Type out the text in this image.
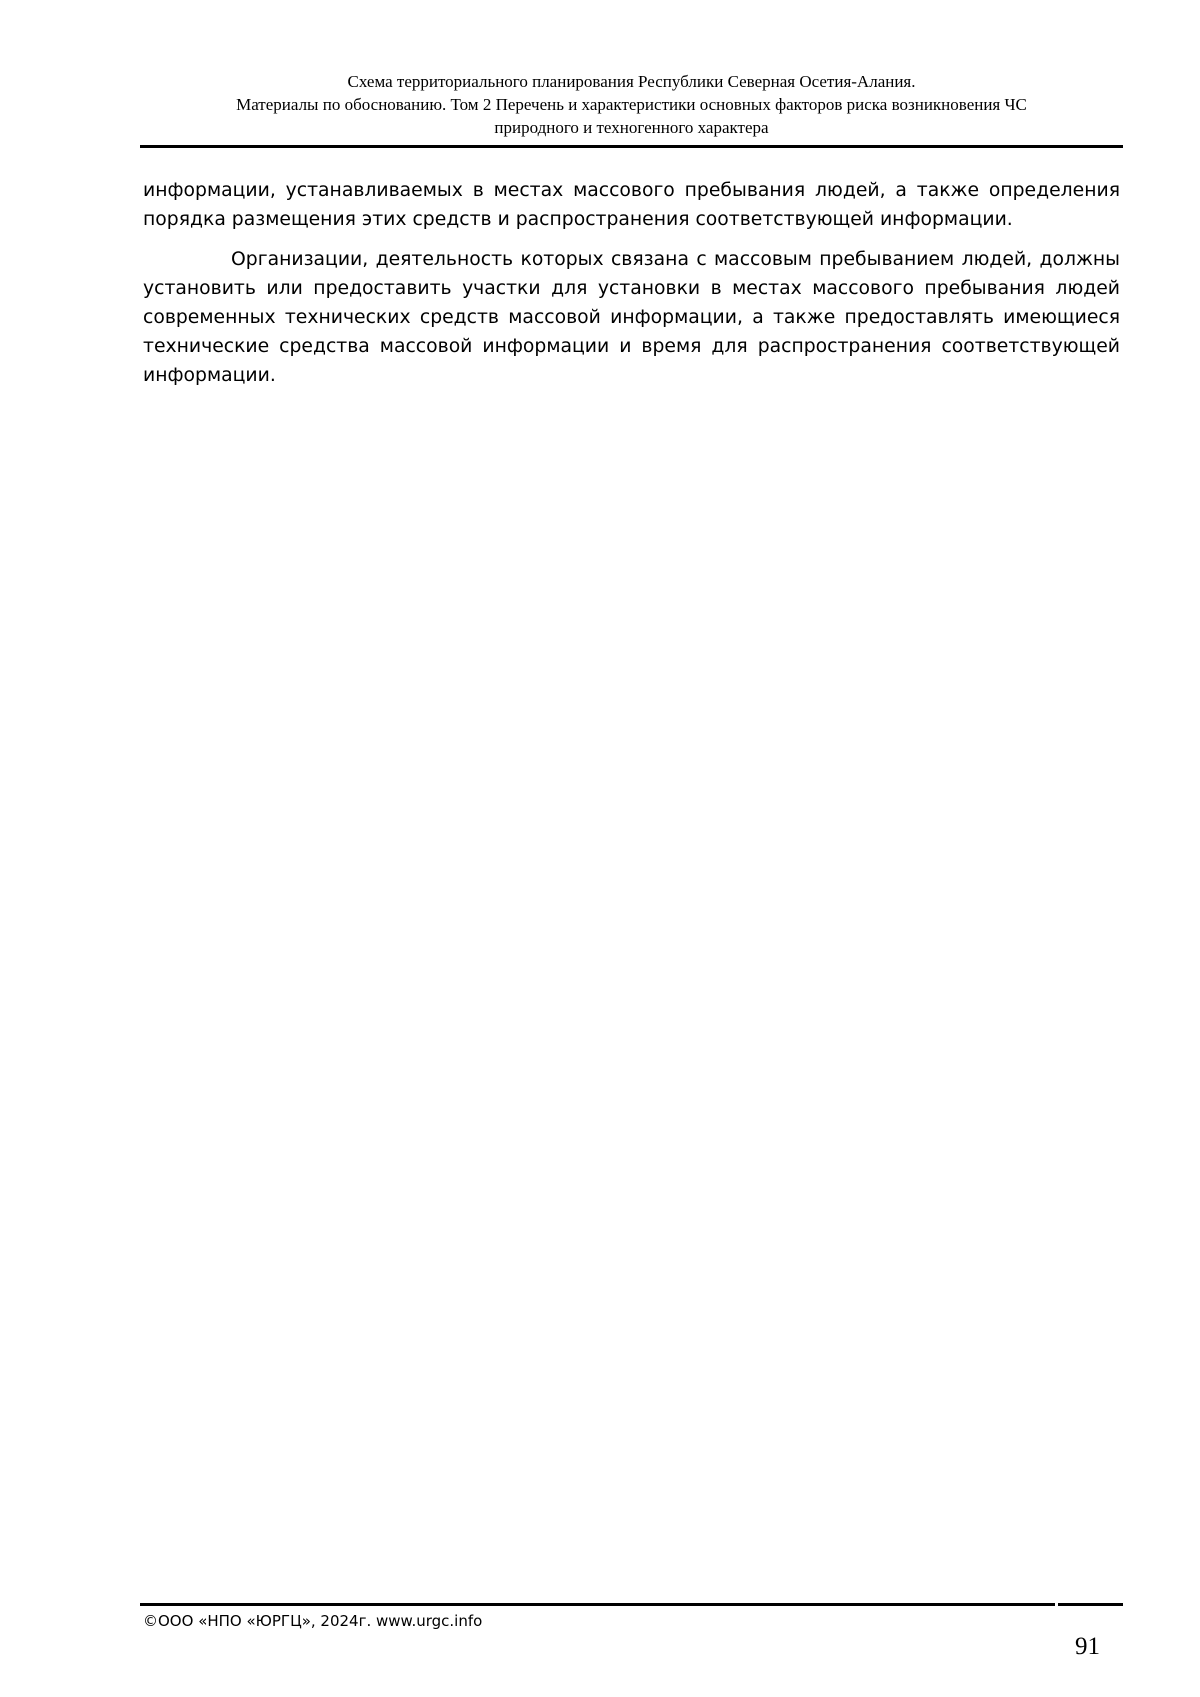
Схема территориального планирования Республики Северная Осетия-Алания.
Материалы по обоснованию. Том 2 Перечень и характеристики основных факторов риска возникновения ЧС
природного и техногенного характера

информации, устанавливаемых в местах массового пребывания людей, а также определения порядка размещения этих средств и распространения соответствующей информации.

Организации, деятельность которых связана с массовым пребыванием людей, должны установить или предоставить участки для установки в местах массового пребывания людей современных технических средств массовой информации, а также предоставлять имеющиеся технические средства массовой информации и время для распространения соответствующей информации.

©ООО «НПО «ЮРГЦ», 2024г. www.urgc.info
91
